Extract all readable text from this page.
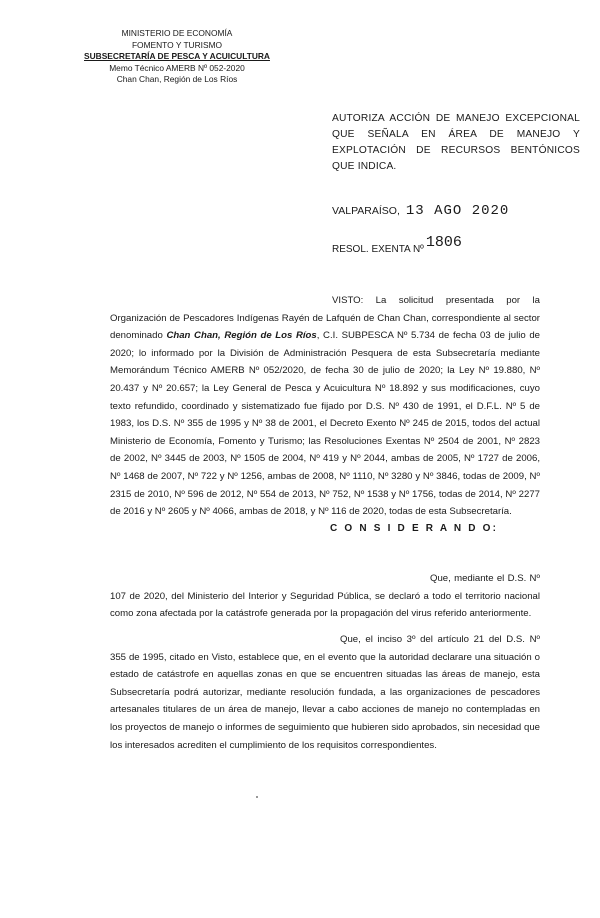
MINISTERIO DE ECONOMÍA
FOMENTO Y TURISMO
SUBSECRETARÍA DE PESCA Y ACUICULTURA
Memo Técnico AMERB Nº 052-2020
Chan Chan, Región de Los Ríos
AUTORIZA ACCIÓN DE MANEJO EXCEPCIONAL QUE SEÑALA EN ÁREA DE MANEJO Y EXPLOTACIÓN DE RECURSOS BENTÓNICOS QUE INDICA.
VALPARAÍSO, 13 AGO 2020
RESOL. EXENTA Nº 1806
VISTO: La solicitud presentada por la Organización de Pescadores Indígenas Rayén de Lafquén de Chan Chan, correspondiente al sector denominado Chan Chan, Región de Los Ríos, C.I. SUBPESCA Nº 5.734 de fecha 03 de julio de 2020; lo informado por la División de Administración Pesquera de esta Subsecretaría mediante Memorándum Técnico AMERB Nº 052/2020, de fecha 30 de julio de 2020; la Ley Nº 19.880, Nº 20.437 y Nº 20.657; la Ley General de Pesca y Acuicultura Nº 18.892 y sus modificaciones, cuyo texto refundido, coordinado y sistematizado fue fijado por D.S. Nº 430 de 1991, el D.F.L. Nº 5 de 1983, los D.S. Nº 355 de 1995 y Nº 38 de 2001, el Decreto Exento Nº 245 de 2015, todos del actual Ministerio de Economía, Fomento y Turismo; las Resoluciones Exentas Nº 2504 de 2001, Nº 2823 de 2002, Nº 3445 de 2003, Nº 1505 de 2004, Nº 419 y Nº 2044, ambas de 2005, Nº 1727 de 2006, Nº 1468 de 2007, Nº 722 y Nº 1256, ambas de 2008, Nº 1110, Nº 3280 y Nº 3846, todas de 2009, Nº 2315 de 2010, Nº 596 de 2012, Nº 554 de 2013, Nº 752, Nº 1538 y Nº 1756, todas de 2014, Nº 2277 de 2016 y Nº 2605 y Nº 4066, ambas de 2018, y Nº 116 de 2020, todas de esta Subsecretaría.
C O N S I D E R A N D O:
Que, mediante el D.S. Nº 107 de 2020, del Ministerio del Interior y Seguridad Pública, se declaró a todo el territorio nacional como zona afectada por la catástrofe generada por la propagación del virus referido anteriormente.
Que, el inciso 3º del artículo 21 del D.S. Nº 355 de 1995, citado en Visto, establece que, en el evento que la autoridad declarare una situación o estado de catástrofe en aquellas zonas en que se encuentren situadas las áreas de manejo, esta Subsecretaría podrá autorizar, mediante resolución fundada, a las organizaciones de pescadores artesanales titulares de un área de manejo, llevar a cabo acciones de manejo no contempladas en los proyectos de manejo o informes de seguimiento que hubieren sido aprobados, sin necesidad que los interesados acrediten el cumplimiento de los requisitos correspondientes.
